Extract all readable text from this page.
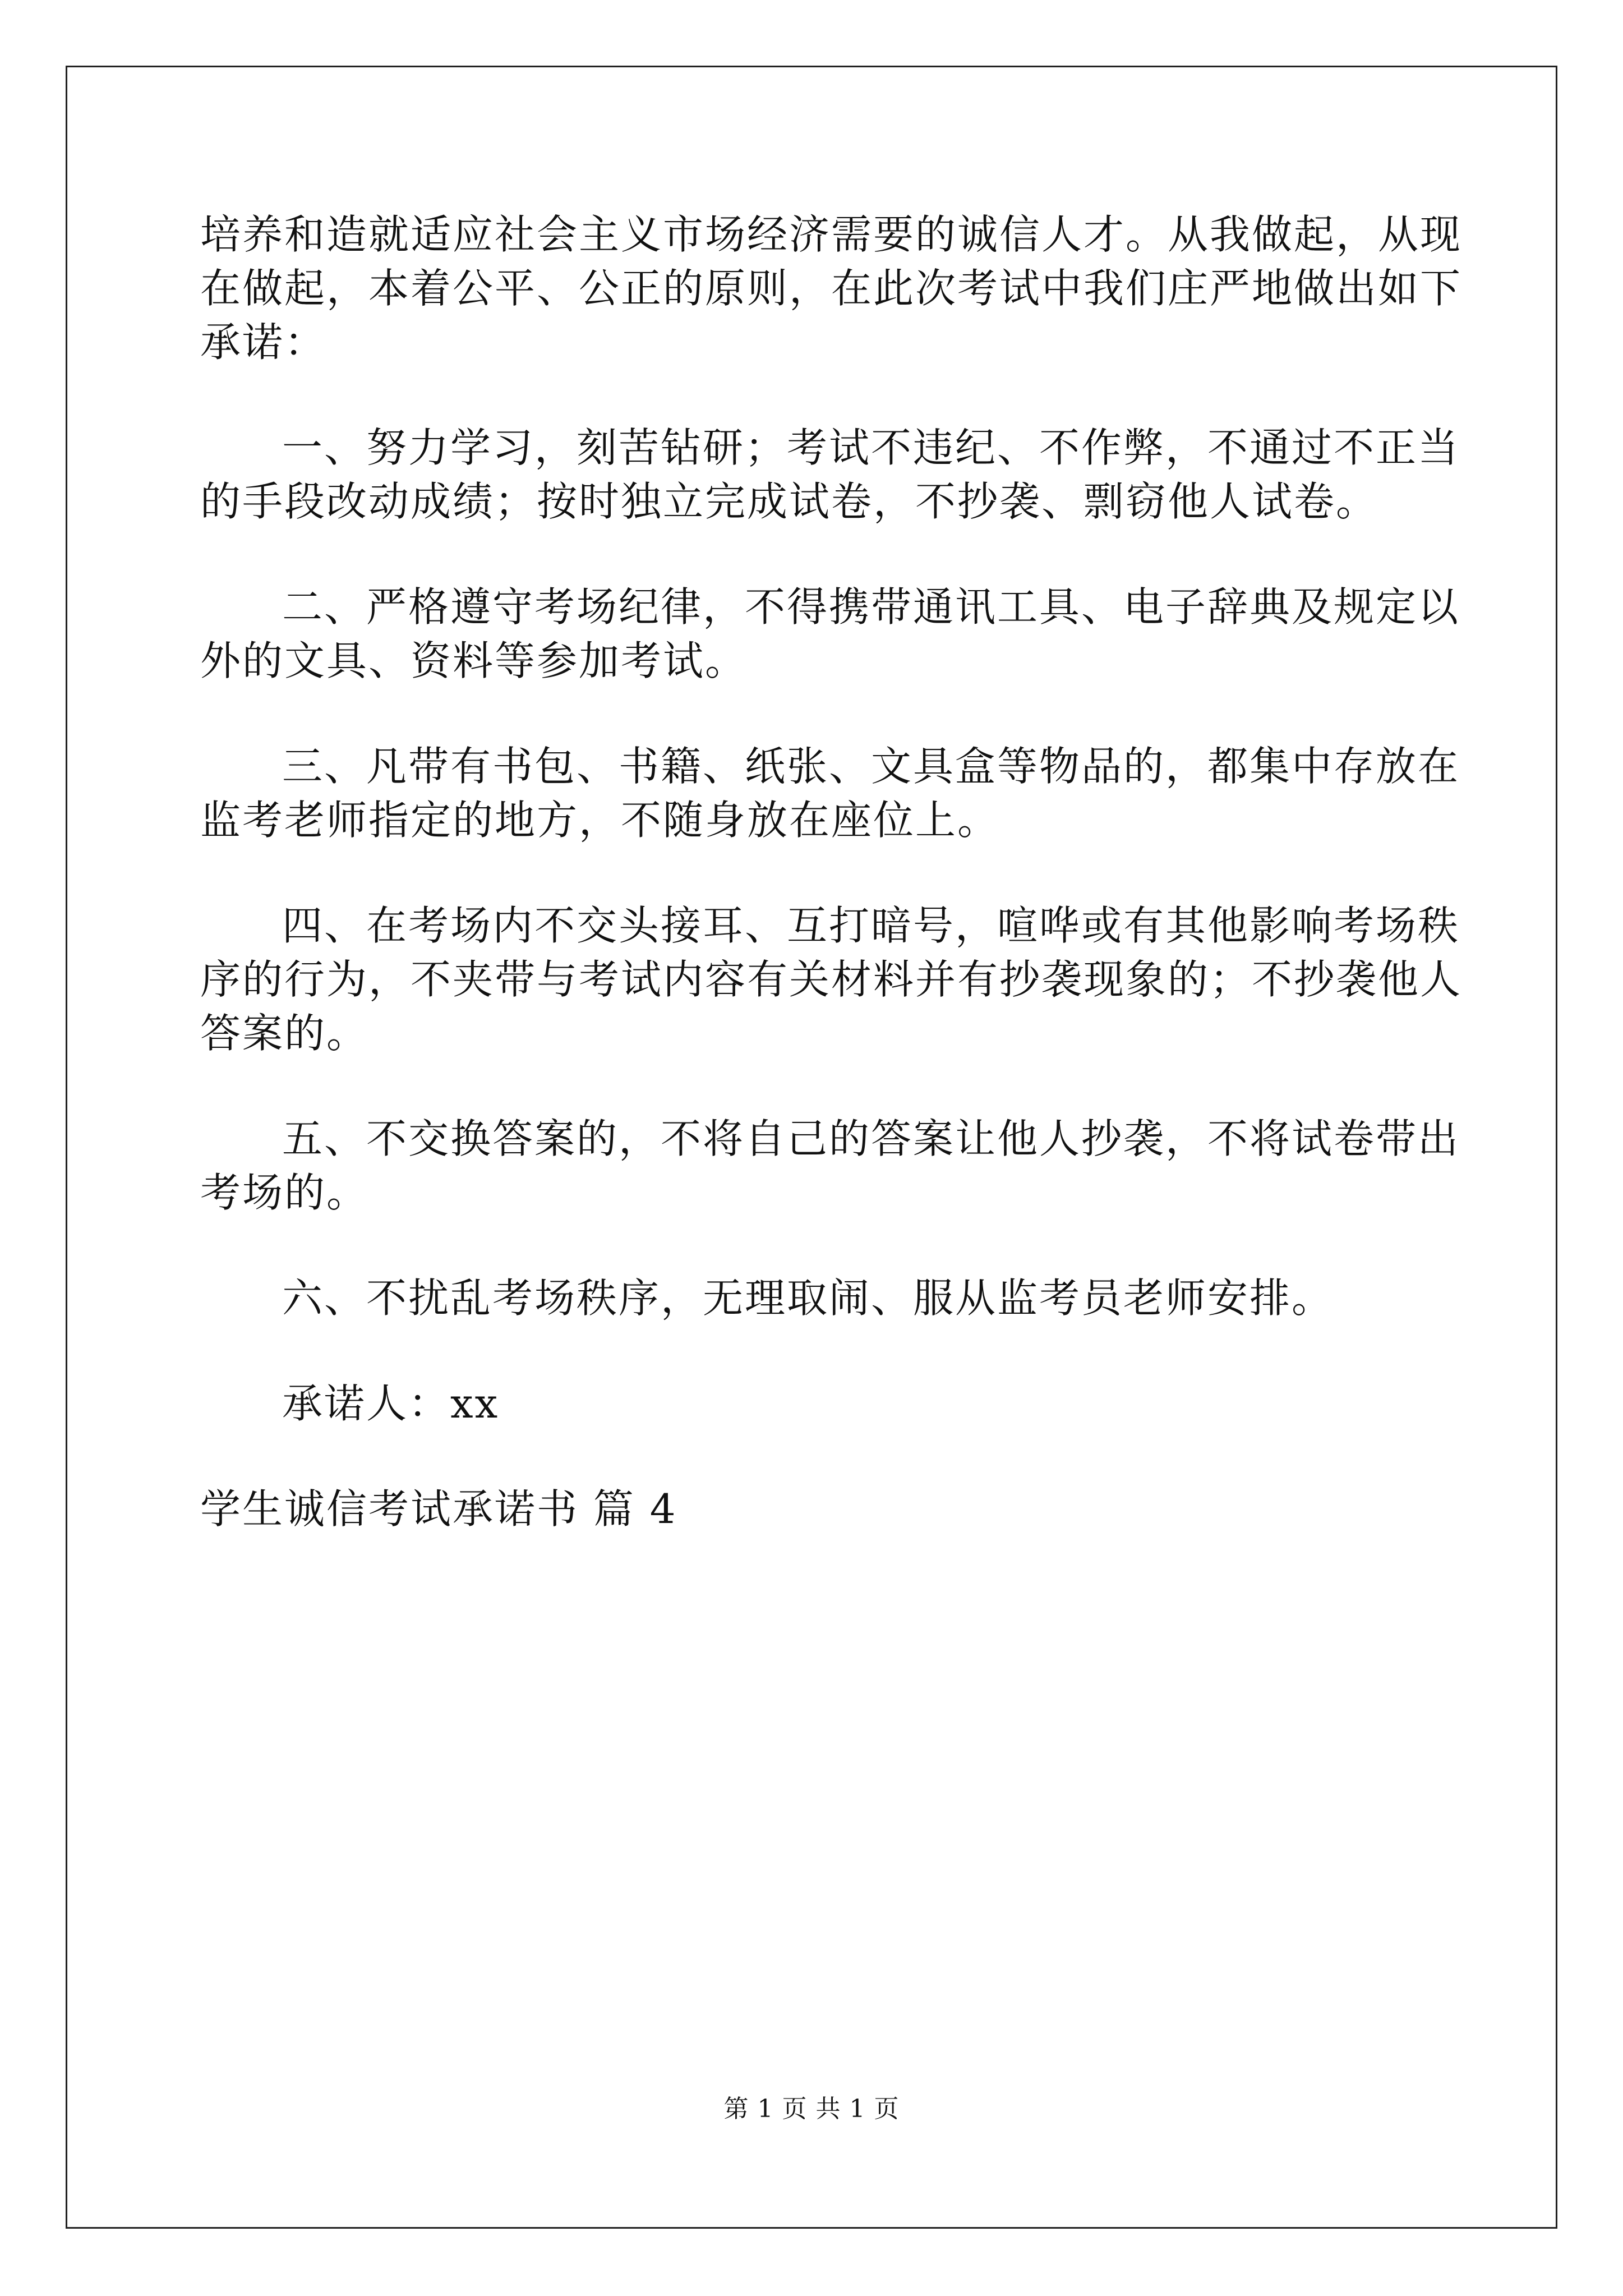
培养和造就适应社会主义市场经济需要的诚信人才。从我做起，从现

在做起，本着公平、公正的原则，在此次考试中我们庄严地做出如下

承诺：

一、努力学习，刻苦钻研；考试不违纪、不作弊，不通过不正当

的手段改动成绩；按时独立完成试卷，不抄袭、剽窃他人试卷。

二、严格遵守考场纪律，不得携带通讯工具、电子辞典及规定以

外的文具、资料等参加考试。

三、凡带有书包、书籍、纸张、文具盒等物品的，都集中存放在

监考老师指定的地方，不随身放在座位上。

四、在考场内不交头接耳、互打暗号，喧哗或有其他影响考场秩

序的行为，不夹带与考试内容有关材料并有抄袭现象的；不抄袭他人

答案的。

五、不交换答案的，不将自己的答案让他人抄袭，不将试卷带出

考场的。

六、不扰乱考场秩序，无理取闹、服从监考员老师安排。

承诺人：xx

学生诚信考试承诺书 篇 4

第 1 页 共 1 页
